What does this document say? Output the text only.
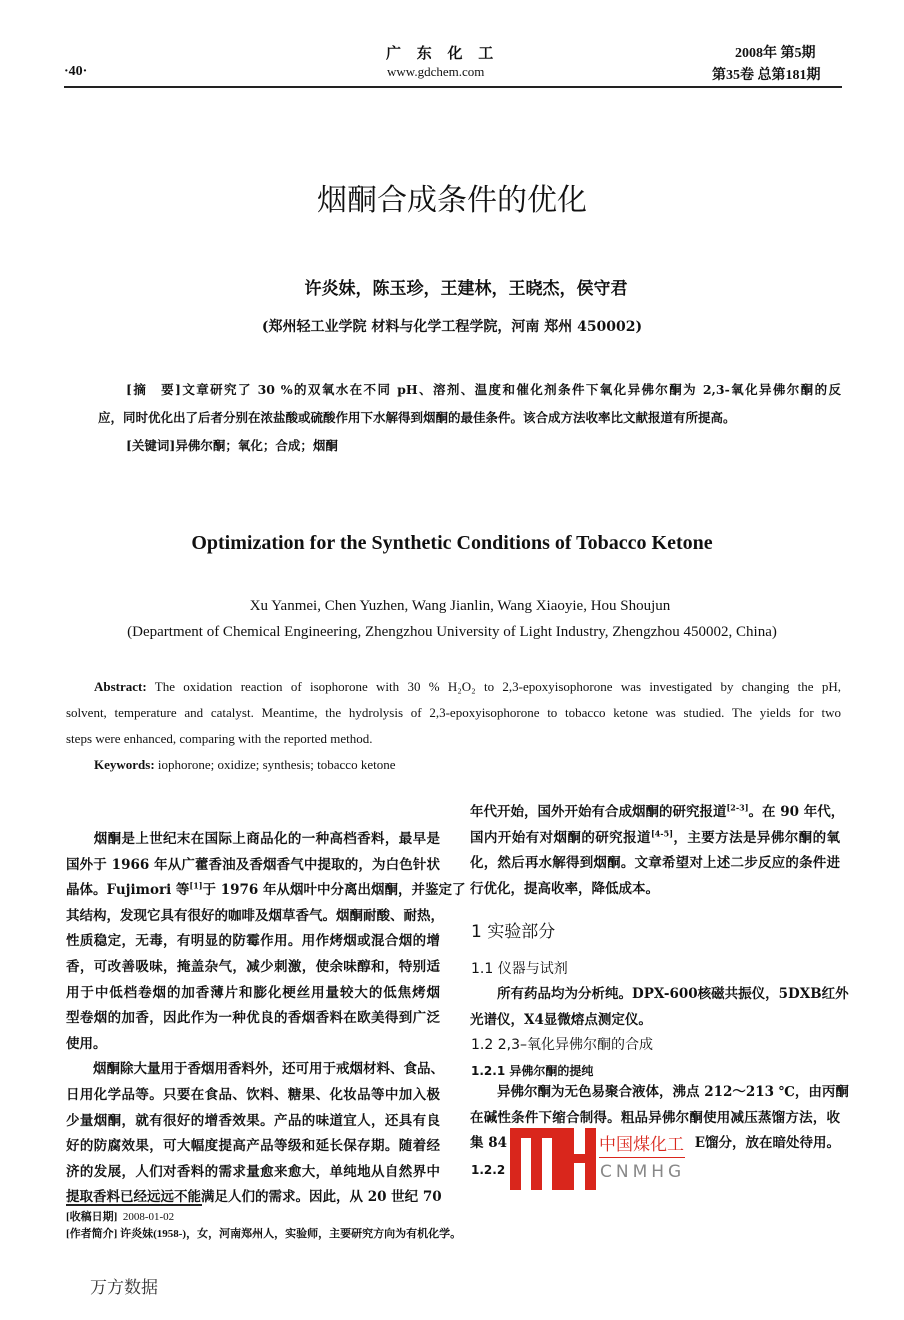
广 东 化 工
www.gdchem.com
·40·
2008年 第5期
第35卷 总第181期
烟酮合成条件的优化
许炎妹，陈玉珍，王建林，王晓杰，侯守君
(郑州轻工业学院 材料与化学工程学院，河南 郑州 450002)
[摘　要]文章研究了 30 %的双氧水在不同 pH、溶剂、温度和催化剂条件下氧化异佛尔酮为 2,3-氧化异佛尔酮的反
应，同时优化出了后者分别在浓盐酸或硫酸作用下水解得到烟酮的最佳条件。该合成方法收率比文献报道有所提高。
[关键词]异佛尔酮；氧化；合成；烟酮
Optimization for the Synthetic Conditions of Tobacco Ketone
Xu Yanmei, Chen Yuzhen, Wang Jianlin, Wang Xiaoyie, Hou Shoujun
(Department of Chemical Engineering, Zhengzhou University of Light Industry, Zhengzhou 450002, China)
Abstract: The oxidation reaction of isophorone with 30 % H₂O₂ to 2,3-epoxyisophorone was investigated by changing the pH,
solvent, temperature and catalyst. Meantime, the hydrolysis of 2,3-epoxyisophorone to tobacco ketone was studied. The yields for two
steps were enhanced, comparing with the reported method.
Keywords: iophorone; oxidize; synthesis; tobacco ketone
　　烟酮是上世纪末在国际上商品化的一种高档香料，最早是
国外于 1966 年从广藿香油及香烟香气中提取的，为白色针状
晶体。Fujimori 等[1]于 1976 年从烟叶中分离出烟酮，并鉴定了
其结构，发现它具有很好的咖啡及烟草香气。烟酮耐酸、耐热，
性质稳定，无毒，有明显的防霉作用。用作烤烟或混合烟的增
香，可改善吸味，掩盖杂气，减少刺激，使余味醇和，特别适
用于中低档卷烟的加香薄片和膨化梗丝用量较大的低焦烤烟
型卷烟的加香，因此作为一种优良的香烟香料在欧美得到广泛
使用。
　　烟酮除大量用于香烟用香料外，还可用于戒烟材料、食品、
日用化学品等。只要在食品、饮料、糖果、化妆品等中加入极
少量烟酮，就有很好的增香效果。产品的味道宜人，还具有良
好的防腐效果，可大幅度提高产品等级和延长保存期。随着经
济的发展，人们对香料的需求量愈来愈大，单纯地从自然界中
提取香料已经远远不能满足人们的需求。因此，从 20 世纪 70
年代开始，国外开始有合成烟酮的研究报道[2-3]。在 90 年代，
国内开始有对烟酮的研究报道[4-5]，主要方法是异佛尔酮的氧
化，然后再水解得到烟酮。文章希望对上述二步反应的条件进
行优化，提高收率，降低成本。
1 实验部分
1.1 仪器与试剂
　　所有药品均为分析纯。DPX-600核磁共振仪，5DXB红外
光谱仪，X4显微熔点测定仪。
1.2 2,3–氧化异佛尔酮的合成
1.2.1 异佛尔酮的提纯
　　异佛尔酮为无色易聚合液体，沸点 212～213 ℃，由丙酮
在碱性条件下缩合制得。粗品异佛尔酮使用减压蒸馏方法，收
集 84	E馏分，放在暗处待用。
1.2.2
中国煤化工
CNMHG
[收稿日期] 2008-01-02
[作者简介] 许炎妹(1958-)，女，河南郑州人，实验师，主要研究方向为有机化学。
万方数据
